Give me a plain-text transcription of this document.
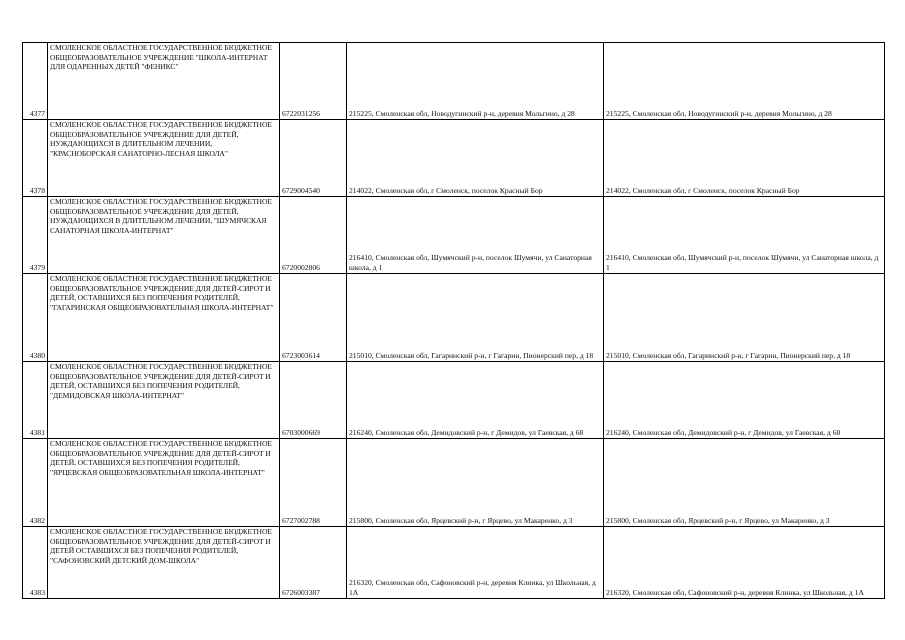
4377	СМОЛЕНСКОЕ ОБЛАСТНОЕ ГОСУДАРСТВЕННОЕ БЮДЖЕТНОЕ ОБЩЕОБРАЗОВАТЕЛЬНОЕ УЧРЕЖДЕНИЕ "ШКОЛА-ИНТЕРНАТ ДЛЯ ОДАРЕННЫХ ДЕТЕЙ "ФЕНИКС"	6722031256	215225, Смоленская обл, Новодугинский р-н, деревня Мольгино, д 28	215225, Смоленская обл, Новодугинский р-н, деревня Мольгино, д 28
4378	СМОЛЕНСКОЕ ОБЛАСТНОЕ ГОСУДАРСТВЕННОЕ БЮДЖЕТНОЕ ОБЩЕОБРАЗОВАТЕЛЬНОЕ УЧРЕЖДЕНИЕ ДЛЯ ДЕТЕЙ, НУЖДАЮЩИХСЯ В ДЛИТЕЛЬНОМ ЛЕЧЕНИИ, "КРАСНОБОРСКАЯ САНАТОРНО-ЛЕСНАЯ ШКОЛА"	6729004540	214022, Смоленская обл, г Смоленск, поселок Красный Бор	214022, Смоленская обл, г Смоленск, поселок Красный Бор
4379	СМОЛЕНСКОЕ ОБЛАСТНОЕ ГОСУДАРСТВЕННОЕ БЮДЖЕТНОЕ ОБЩЕОБРАЗОВАТЕЛЬНОЕ УЧРЕЖДЕНИЕ ДЛЯ ДЕТЕЙ, НУЖДАЮЩИХСЯ В ДЛИТЕЛЬНОМ ЛЕЧЕНИИ, "ШУМЯЧСКАЯ САНАТОРНАЯ ШКОЛА-ИНТЕРНАТ"	6720002806	216410, Смоленская обл, Шумячский р-н, поселок Шумячи, ул Санаторная школа, д 1	216410, Смоленская обл, Шумячский р-н, поселок Шумячи, ул Санаторная школа, д 1
4380	СМОЛЕНСКОЕ ОБЛАСТНОЕ ГОСУДАРСТВЕННОЕ БЮДЖЕТНОЕ ОБЩЕОБРАЗОВАТЕЛЬНОЕ УЧРЕЖДЕНИЕ ДЛЯ ДЕТЕЙ-СИРОТ И ДЕТЕЙ, ОСТАВШИХСЯ БЕЗ ПОПЕЧЕНИЯ РОДИТЕЛЕЙ, "ГАГАРИНСКАЯ ОБЩЕОБРАЗОВАТЕЛЬНАЯ ШКОЛА-ИНТЕРНАТ"	6723003614	215010, Смоленская обл, Гагаринский р-н, г Гагарин, Пионерский пер, д 18	215010, Смоленская обл, Гагаринский р-н, г Гагарин, Пионерский пер, д 18
4381	СМОЛЕНСКОЕ ОБЛАСТНОЕ ГОСУДАРСТВЕННОЕ БЮДЖЕТНОЕ ОБЩЕОБРАЗОВАТЕЛЬНОЕ УЧРЕЖДЕНИЕ ДЛЯ ДЕТЕЙ-СИРОТ И ДЕТЕЙ, ОСТАВШИХСЯ БЕЗ ПОПЕЧЕНИЯ РОДИТЕЛЕЙ, "ДЕМИДОВСКАЯ ШКОЛА-ИНТЕРНАТ"	6703000669	216240, Смоленская обл, Демидовский р-н, г Демидов, ул Гаевская, д 68	216240, Смоленская обл, Демидовский р-н, г Демидов, ул Гаевская, д 68
4382	СМОЛЕНСКОЕ ОБЛАСТНОЕ ГОСУДАРСТВЕННОЕ БЮДЖЕТНОЕ ОБЩЕОБРАЗОВАТЕЛЬНОЕ УЧРЕЖДЕНИЕ ДЛЯ ДЕТЕЙ-СИРОТ И ДЕТЕЙ, ОСТАВШИХСЯ БЕЗ ПОПЕЧЕНИЯ РОДИТЕЛЕЙ, "ЯРЦЕВСКАЯ ОБЩЕОБРАЗОВАТЕЛЬНАЯ ШКОЛА-ИНТЕРНАТ"	6727002788	215800, Смоленская обл, Ярцевский р-н, г Ярцево, ул Макаренко, д 3	215800, Смоленская обл, Ярцевский р-н, г Ярцево, ул Макаренко, д 3
4383	СМОЛЕНСКОЕ ОБЛАСТНОЕ ГОСУДАРСТВЕННОЕ БЮДЖЕТНОЕ ОБЩЕОБРАЗОВАТЕЛЬНОЕ УЧРЕЖДЕНИЕ ДЛЯ ДЕТЕЙ-СИРОТ И ДЕТЕЙ ОСТАВШИХСЯ БЕЗ ПОПЕЧЕНИЯ РОДИТЕЛЕЙ, "САФОНОВСКИЙ ДЕТСКИЙ ДОМ-ШКОЛА"	6726003387	216320, Смоленская обл, Сафоновский р-н, деревня Клинка, ул Школьная, д 1А	216320, Смоленская обл, Сафоновский р-н, деревня Клинка, ул Школьная, д 1А
